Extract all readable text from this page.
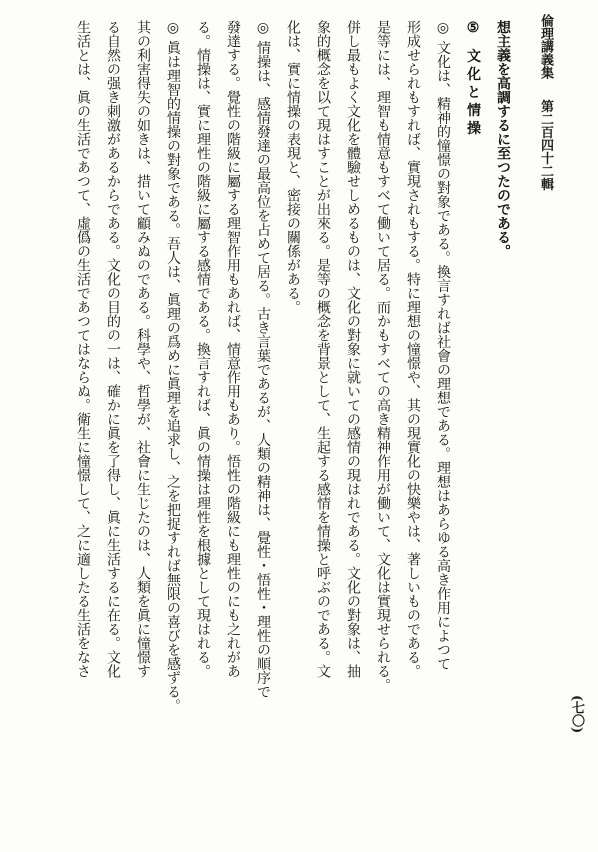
倫理講義集 第二百四十二輯

想主義を高調するに至つたのである。

⑤ 文化と情操

◎ 文化は、精神的憧憬の對象である。換言すれば社會の理想である。理想はあらゆる高き作用によつて

形成せられもすれば、實現されもする。特に理想の憧憬や、其の現實化の快樂やは、著しいものである。

是等には、理智も情意もすべて働いて居る。而かもすべての高き精神作用が働いて、文化は實現せられる。

併し最もよく文化を體驗せしめるものは、文化の對象に就いての感情の現はれである。文化の對象は、抽

象的概念を以て現はすことが出來る。是等の概念を背景として、生起する感情を情操と呼ぶのである。文

化は、實に情操の表現と、密接の關係がある。

◎ 情操は、感情發達の最高位を占めて居る。古き言葉であるが、人類の精神は、覺性・悟性・理性の順序で

發達する。覺性の階級に屬する理智作用もあれば、情意作用もあり。悟性の階級にも理性のにも之れがあ

る。情操は、實に理性の階級に屬する感情である。換言すれば、眞の情操は理性を根據として現はれる。

◎ 眞は理智的情操の對象である。吾人は、眞理の爲めに眞理を追求し、之を把捉すれば無限の喜びを感ずる。

其の利害得失の如きは、措いて顧みぬのである。科學や、哲學が、社會に生じたのは、人類を眞に憧憬す

る自然の强き刺激があるからである。文化の目的の一は、確かに眞を了得し、眞に生活するに在る。文化

生活とは、眞の生活であつて、虛僞の生活であつてはならぬ。衛生に憧憬して、之に適したる生活をなさ

(七〇)
